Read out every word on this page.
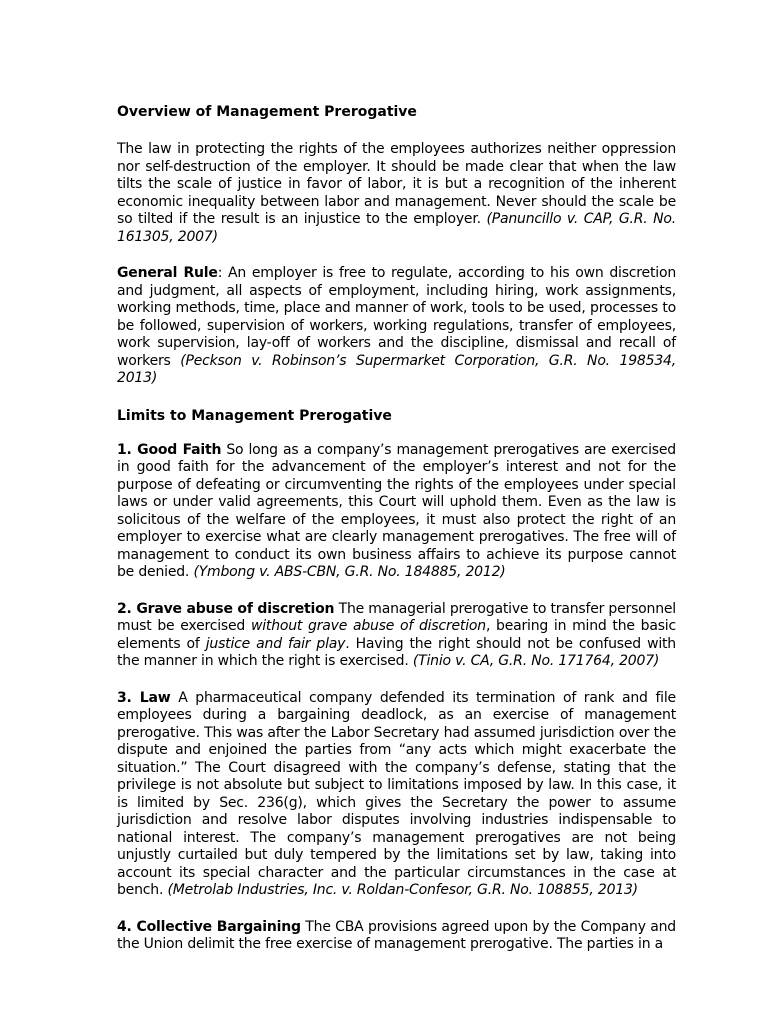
Overview of Management Prerogative

The law in protecting the rights of the employees authorizes neither oppression nor self-destruction of the employer. It should be made clear that when the law tilts the scale of justice in favor of labor, it is but a recognition of the inherent economic inequality between labor and management. Never should the scale be so tilted if the result is an injustice to the employer. (Panuncillo v. CAP, G.R. No. 161305, 2007)

General Rule: An employer is free to regulate, according to his own discretion and judgment, all aspects of employment, including hiring, work assignments, working methods, time, place and manner of work, tools to be used, processes to be followed, supervision of workers, working regulations, transfer of employees, work supervision, lay-off of workers and the discipline, dismissal and recall of workers (Peckson v. Robinson’s Supermarket Corporation, G.R. No. 198534, 2013)

Limits to Management Prerogative

1. Good Faith So long as a company’s management prerogatives are exercised in good faith for the advancement of the employer’s interest and not for the purpose of defeating or circumventing the rights of the employees under special laws or under valid agreements, this Court will uphold them. Even as the law is solicitous of the welfare of the employees, it must also protect the right of an employer to exercise what are clearly management prerogatives. The free will of management to conduct its own business affairs to achieve its purpose cannot be denied. (Ymbong v. ABS-CBN, G.R. No. 184885, 2012)

2. Grave abuse of discretion The managerial prerogative to transfer personnel must be exercised without grave abuse of discretion, bearing in mind the basic elements of justice and fair play. Having the right should not be confused with the manner in which the right is exercised. (Tinio v. CA, G.R. No. 171764, 2007)

3. Law A pharmaceutical company defended its termination of rank and file employees during a bargaining deadlock, as an exercise of management prerogative. This was after the Labor Secretary had assumed jurisdiction over the dispute and enjoined the parties from “any acts which might exacerbate the situation.” The Court disagreed with the company’s defense, stating that the privilege is not absolute but subject to limitations imposed by law. In this case, it is limited by Sec. 236(g), which gives the Secretary the power to assume jurisdiction and resolve labor disputes involving industries indispensable to national interest. The company’s management prerogatives are not being unjustly curtailed but duly tempered by the limitations set by law, taking into account its special character and the particular circumstances in the case at bench. (Metrolab Industries, Inc. v. Roldan-Confesor, G.R. No. 108855, 2013)

4. Collective Bargaining The CBA provisions agreed upon by the Company and the Union delimit the free exercise of management prerogative. The parties in a
